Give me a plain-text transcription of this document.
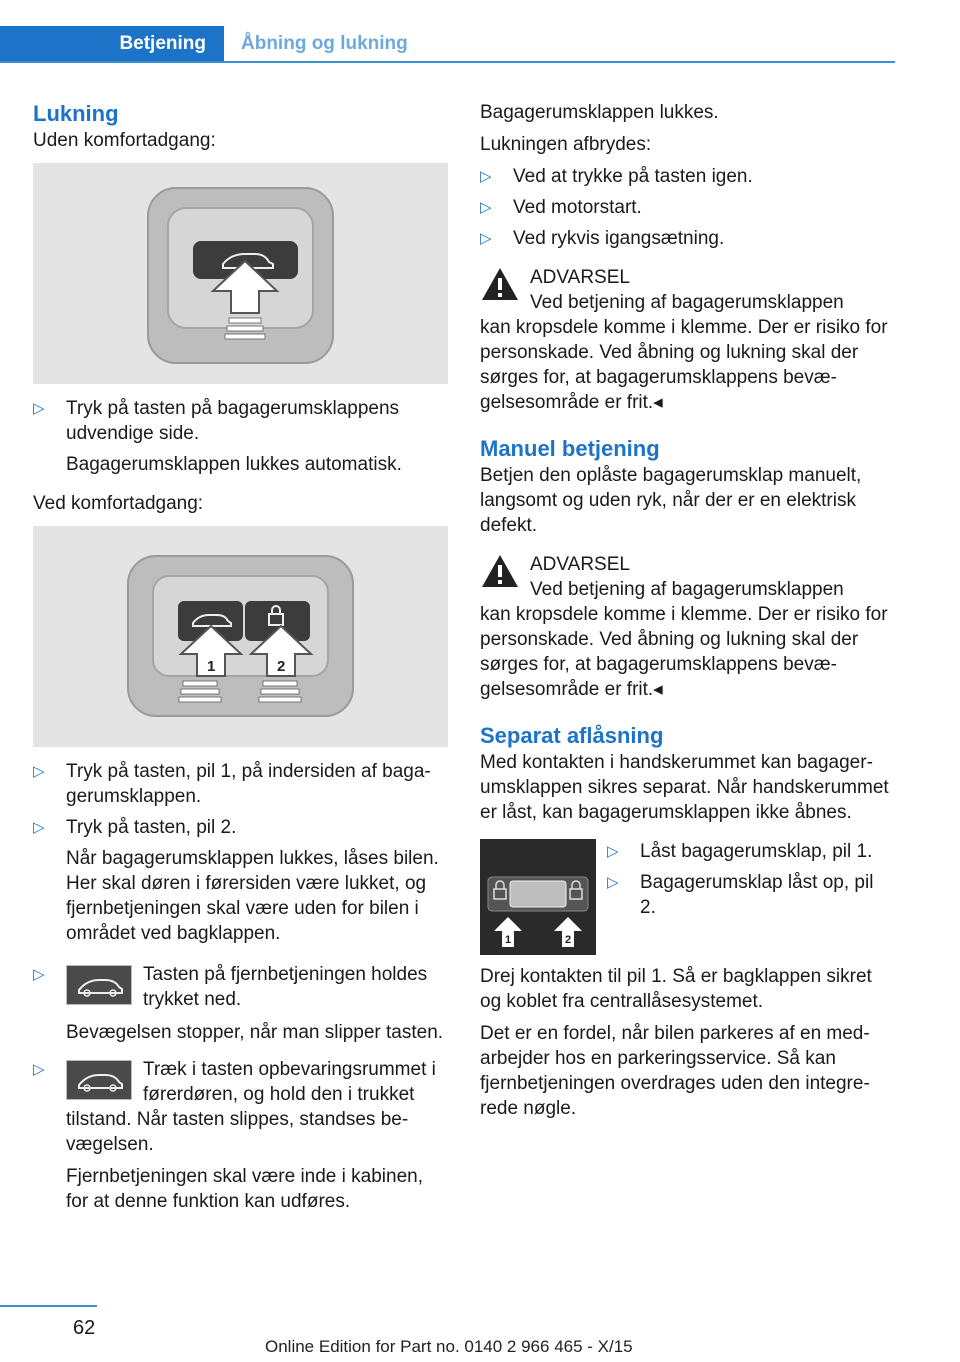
Betjening	Åbning og lukning
Lukning

Uden komfortadgang:

▷ Tryk på tasten på bagagerumsklappens udvendige side.

Bagagerumsklappen lukkes automatisk.

Ved komfortadgang:

1	2
▷ Tryk på tasten, pil 1, på indersiden af bagagerumsklappen.
▷ Tryk på tasten, pil 2.

Når bagagerumsklappen lukkes, låses bilen. Her skal døren i førersiden være lukket, og fjernbetjeningen skal være uden for bilen i området ved bagklappen.

▷	Tasten på fjernbetjeningen holdes trykket ned.

Bevægelsen stopper, når man slipper tasten.

▷	Træk i tasten opbevaringsrummet i førerdøren, og hold den i trukket

tilstand. Når tasten slippes, standses bevægelsen.

Fjernbetjeningen skal være inde i kabinen, for at denne funktion kan udføres.

Bagagerumsklappen lukkes.

Lukningen afbrydes:

▷ Ved at trykke på tasten igen.
▷ Ved motorstart.
▷ Ved rykvis igangsætning.
ADVARSEL
Ved betjening af bagagerumsklappen
kan kropsdele komme i klemme. Der er risiko for personskade. Ved åbning og lukning skal der sørges for, at bagagerumsklappens bevægelsesområde er frit.◂
Manuel betjening

Betjen den oplåste bagagerumsklap manuelt, langsomt og uden ryk, når der er en elektrisk defekt.

ADVARSEL
Ved betjening af bagagerumsklappen
kan kropsdele komme i klemme. Der er risiko for personskade. Ved åbning og lukning skal der sørges for, at bagagerumsklappens bevægelsesområde er frit.◂
Separat aflåsning

Med kontakten i handskerummet kan bagagerumsklappen sikres separat. Når handskerummet er låst, kan bagagerumsklappen ikke åbnes.

1	2
▷ Låst bagagerumsklap, pil 1.
▷ Bagagerumsklap låst op, pil 2.

Drej kontakten til pil 1. Så er bagklappen sikret og koblet fra centrallåsesystemet.

Det er en fordel, når bilen parkeres af en medarbejder hos en parkeringsservice. Så kan fjernbetjeningen overdrages uden den integrerede nøgle.

62
Online Edition for Part no. 0140 2 966 465 - X/15
